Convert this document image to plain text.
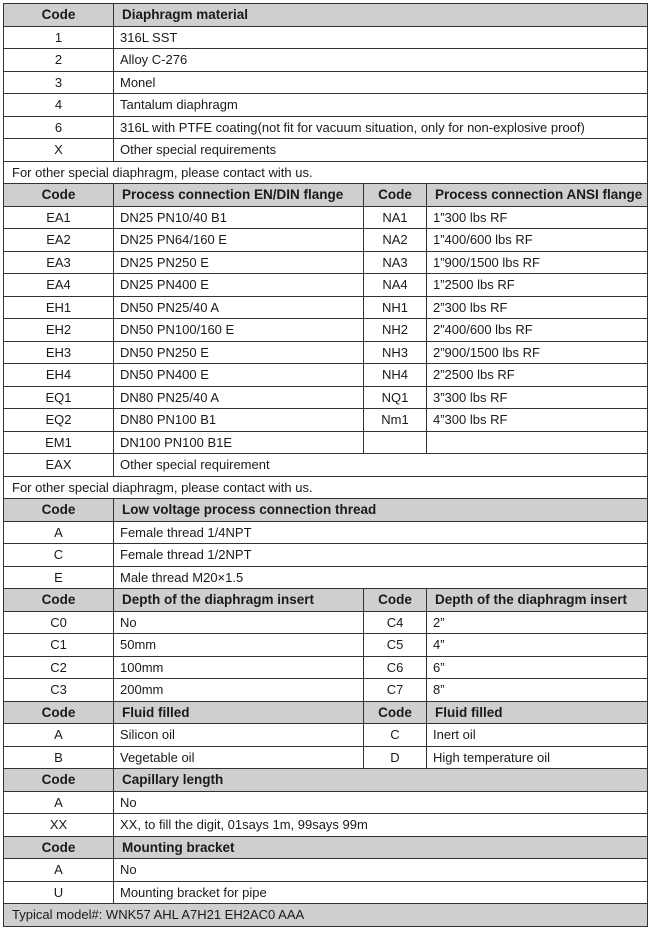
Code	Diaphragm material		
1	316L SST		
2	Alloy C-276		
3	Monel		
4	Tantalum diaphragm		
6	316L with PTFE coating(not fit for vacuum situation, only for non-explosive proof)		
X	Other special requirements		
For other special diaphragm, please contact with us.			
Code	Process connection EN/DIN flange	Code	Process connection ANSI flange
EA1	DN25 PN10/40 B1	NA1	1”300 lbs RF
EA2	DN25 PN64/160 E	NA2	1”400/600 lbs RF
EA3	DN25 PN250 E	NA3	1”900/1500 lbs RF
EA4	DN25 PN400 E	NA4	1”2500 lbs RF
EH1	DN50 PN25/40 A	NH1	2”300 lbs RF
EH2	DN50 PN100/160 E	NH2	2”400/600 lbs RF
EH3	DN50 PN250 E	NH3	2”900/1500 lbs RF
EH4	DN50 PN400 E	NH4	2”2500 lbs RF
EQ1	DN80 PN25/40 A	NQ1	3”300 lbs RF
EQ2	DN80 PN100 B1	Nm1	4”300 lbs RF
EM1	DN100 PN100 B1E		
EAX	Other special requirement		
For other special diaphragm, please contact with us.			
Code	Low voltage process connection thread		
A	Female thread 1/4NPT		
C	Female thread 1/2NPT		
E	Male thread M20×1.5		
Code	Depth of the diaphragm insert	Code	Depth of the diaphragm insert
C0	No	C4	2”
C1	50mm	C5	4”
C2	100mm	C6	6”
C3	200mm	C7	8”
Code	Fluid filled	Code	Fluid filled
A	Silicon oil	C	Inert oil
B	Vegetable oil	D	High temperature oil
Code	Capillary length		
A	No		
XX	XX, to fill the digit, 01says 1m, 99says 99m		
Code	Mounting bracket		
A	No		
U	Mounting bracket for pipe		
Typical model#: WNK57 AHL A7H21 EH2AC0 AAA			
